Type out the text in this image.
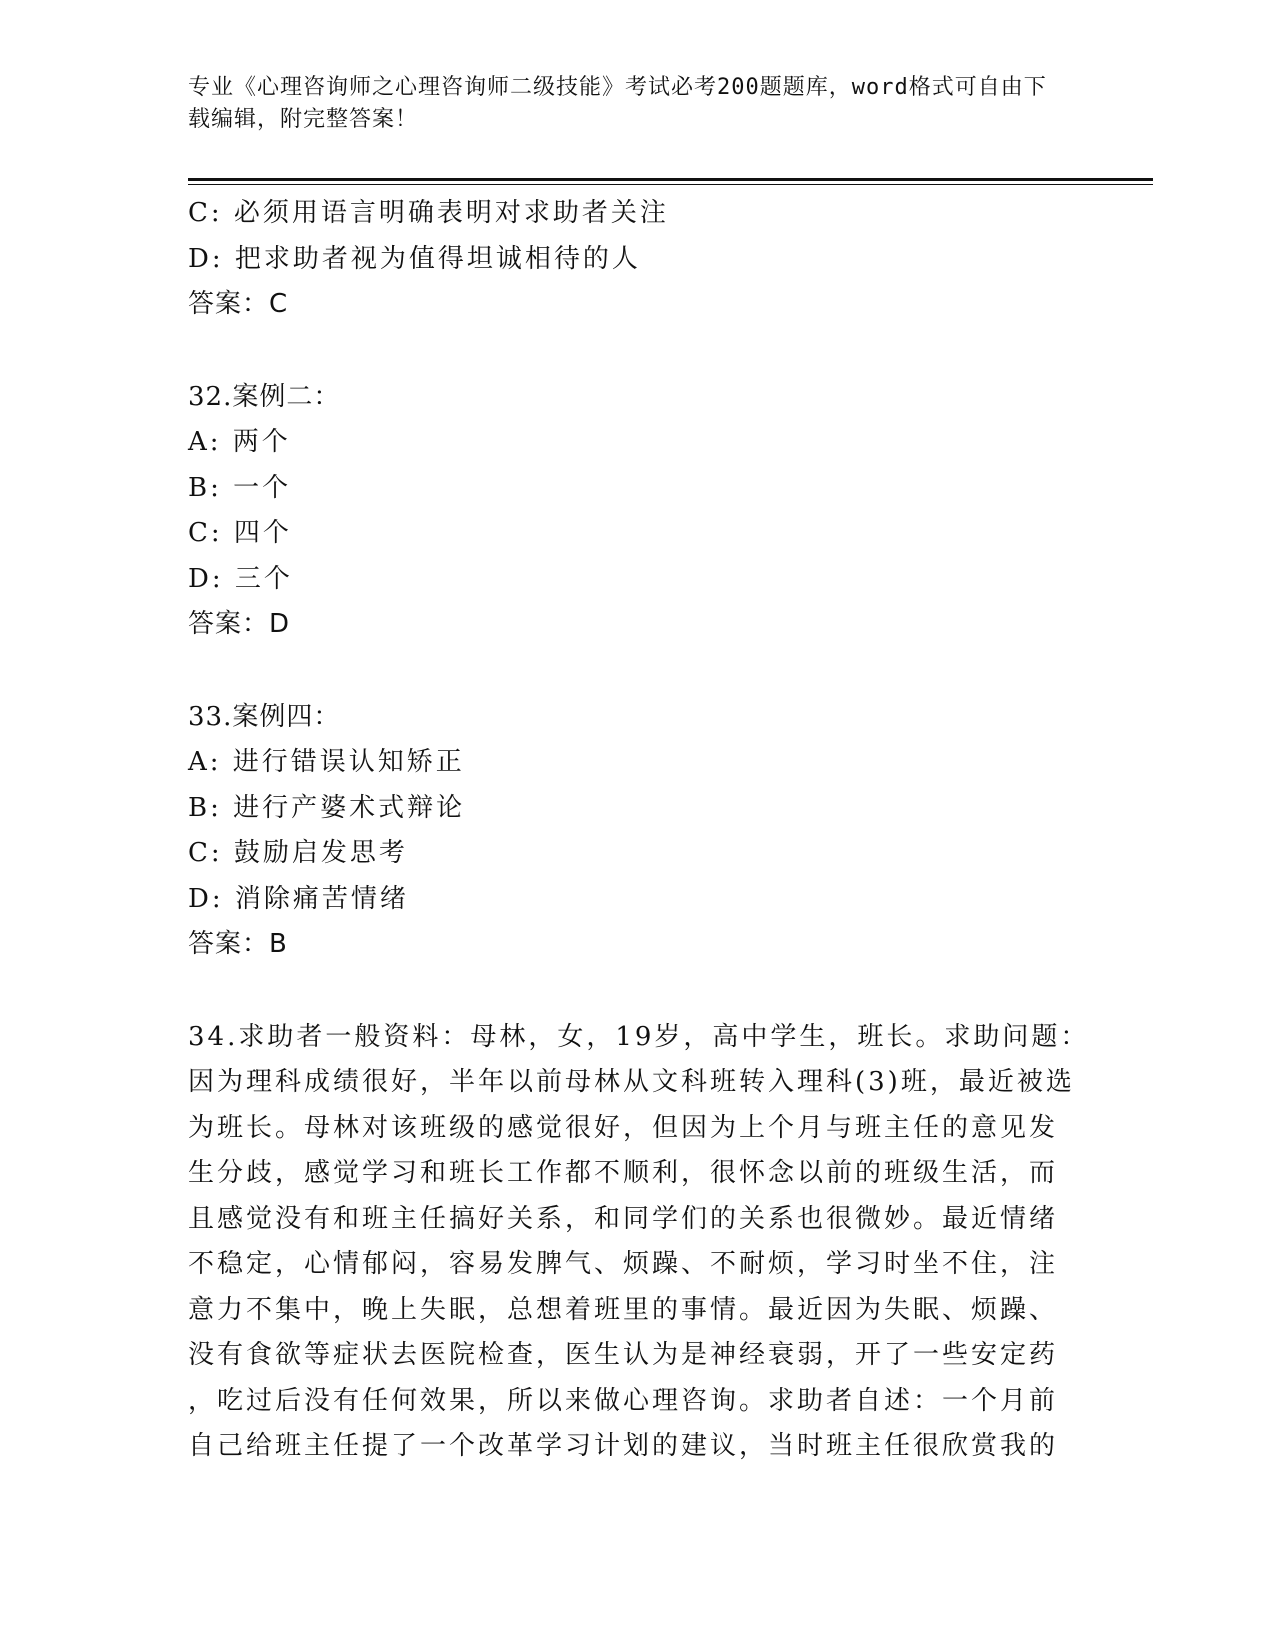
专业《心理咨询师之心理咨询师二级技能》考试必考200题题库，word格式可自由下载编辑，附完整答案！
C: 必须用语言明确表明对求助者关注
D: 把求助者视为值得坦诚相待的人
答案：C
32.案例二：
A: 两个
B: 一个
C: 四个
D: 三个
答案：D
33.案例四：
A: 进行错误认知矫正
B: 进行产婆术式辩论
C: 鼓励启发思考
D: 消除痛苦情绪
答案：B
34.求助者一般资料：母林，女，19岁，高中学生，班长。求助问题：
因为理科成绩很好，半年以前母林从文科班转入理科(3)班，最近被选
为班长。母林对该班级的感觉很好，但因为上个月与班主任的意见发
生分歧，感觉学习和班长工作都不顺利，很怀念以前的班级生活，而
且感觉没有和班主任搞好关系，和同学们的关系也很微妙。最近情绪
不稳定，心情郁闷，容易发脾气、烦躁、不耐烦，学习时坐不住，注
意力不集中，晚上失眠，总想着班里的事情。最近因为失眠、烦躁、
没有食欲等症状去医院检查，医生认为是神经衰弱，开了一些安定药
，吃过后没有任何效果，所以来做心理咨询。求助者自述：一个月前
自己给班主任提了一个改革学习计划的建议，当时班主任很欣赏我的
